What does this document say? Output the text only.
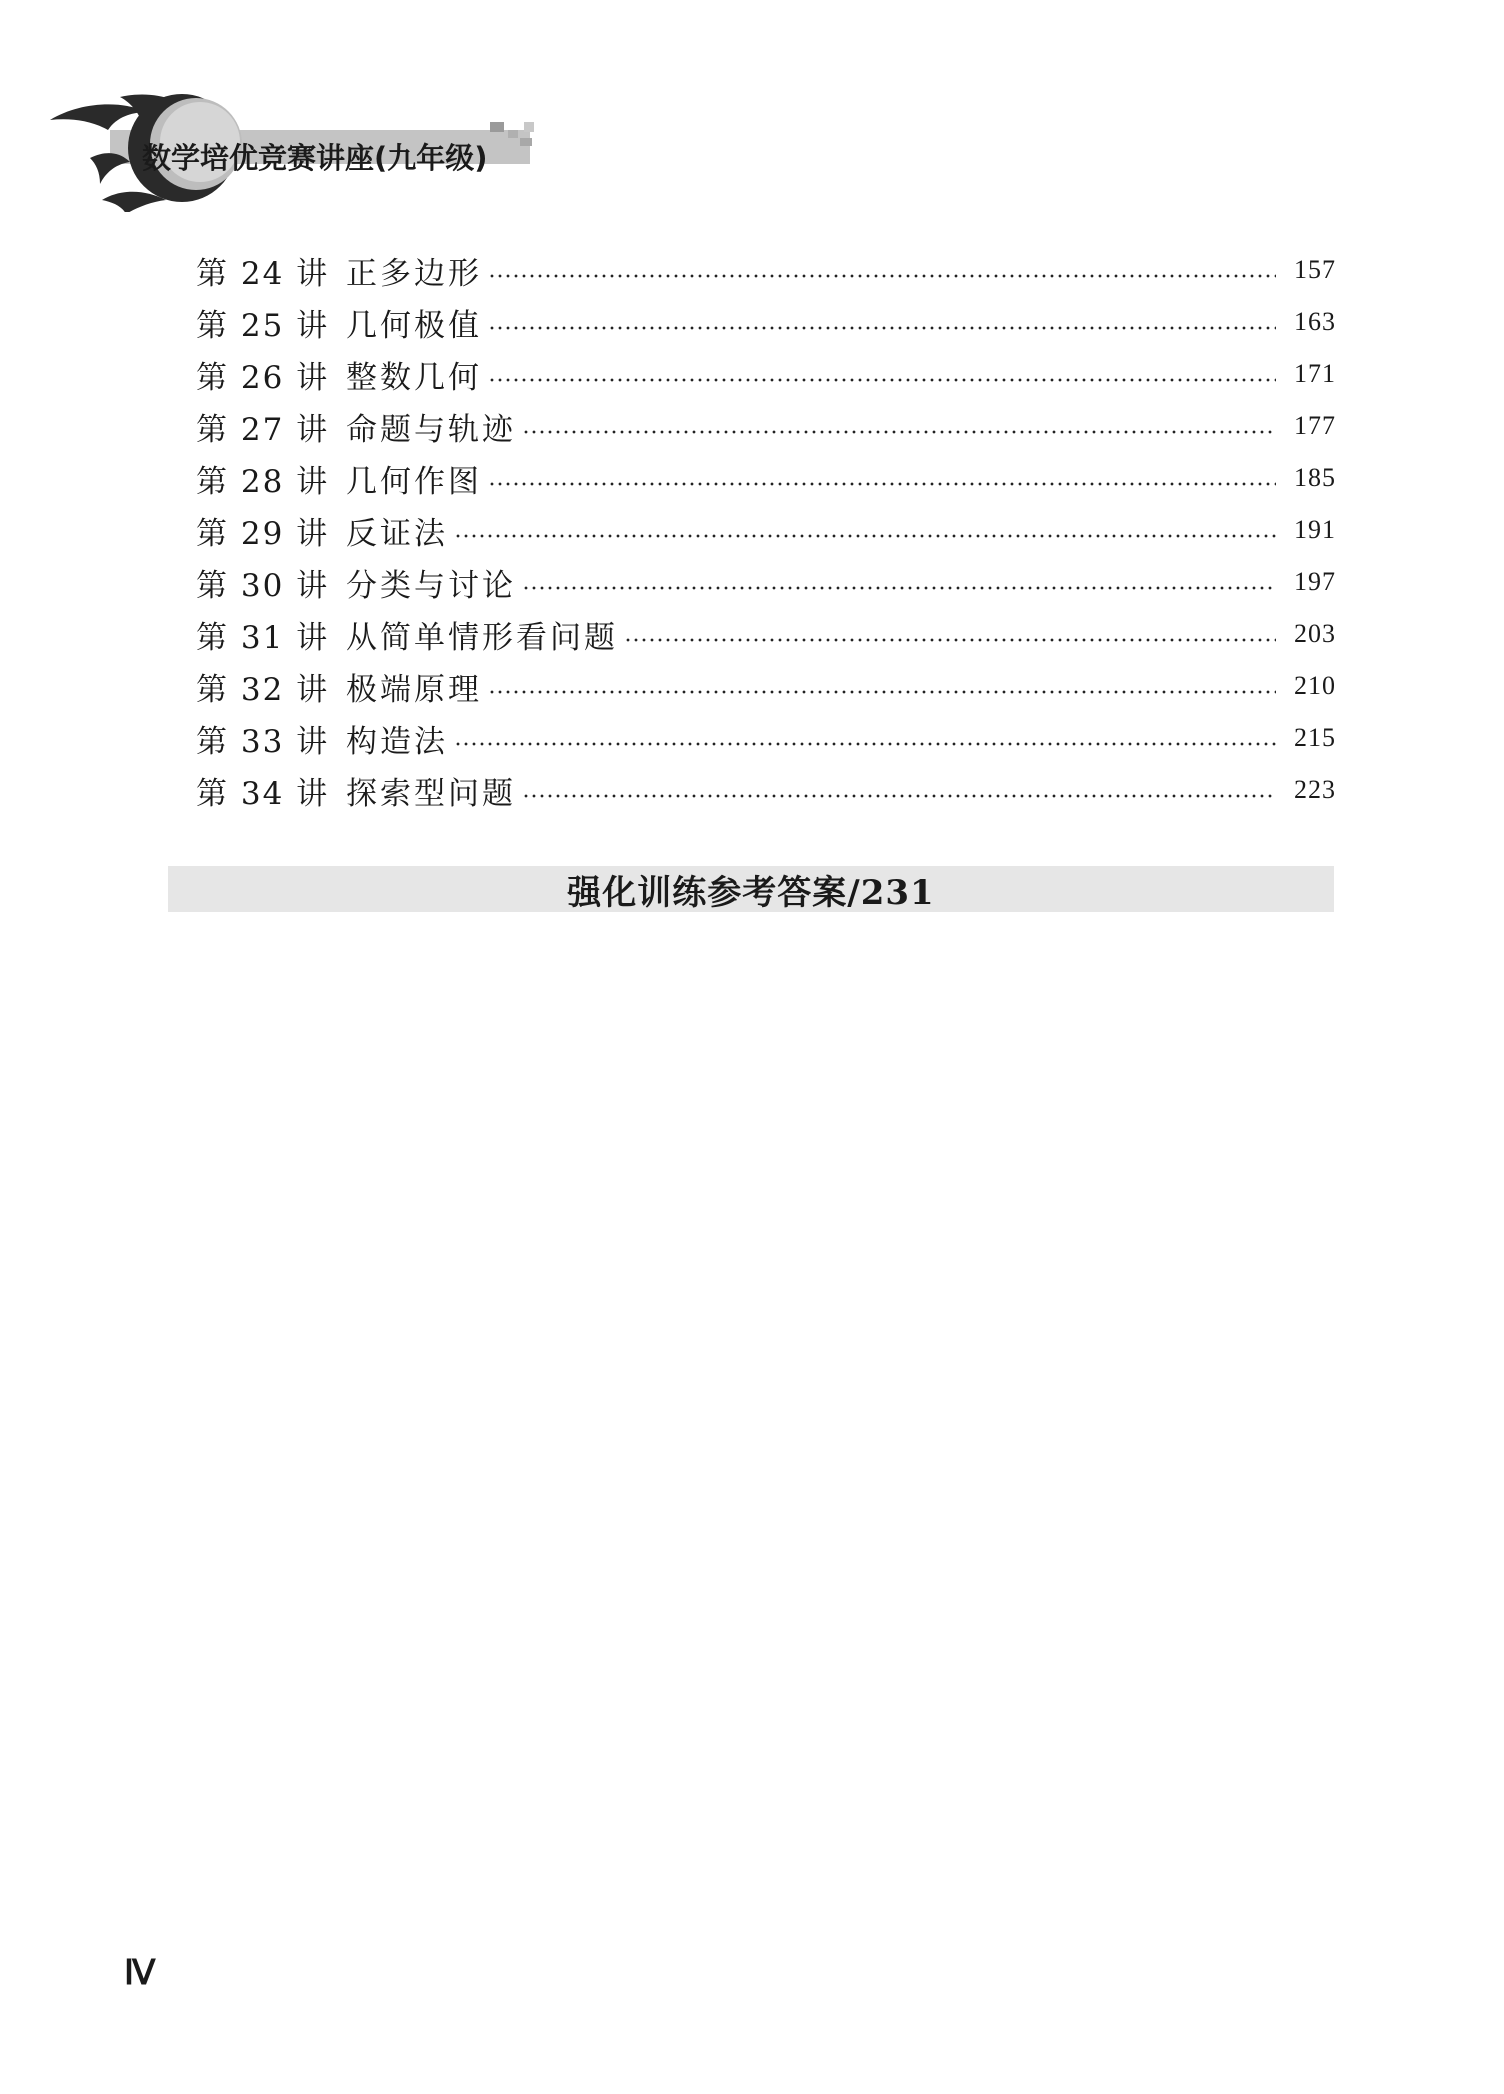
数学培优竞赛讲座(九年级)
第 24 讲 正多边形	157
第 25 讲 几何极值	163
第 26 讲 整数几何	171
第 27 讲 命题与轨迹	177
第 28 讲 几何作图	185
第 29 讲 反证法	191
第 30 讲 分类与讨论	197
第 31 讲 从简单情形看问题	203
第 32 讲 极端原理	210
第 33 讲 构造法	215
第 34 讲 探索型问题	223
强化训练参考答案/231
Ⅳ
